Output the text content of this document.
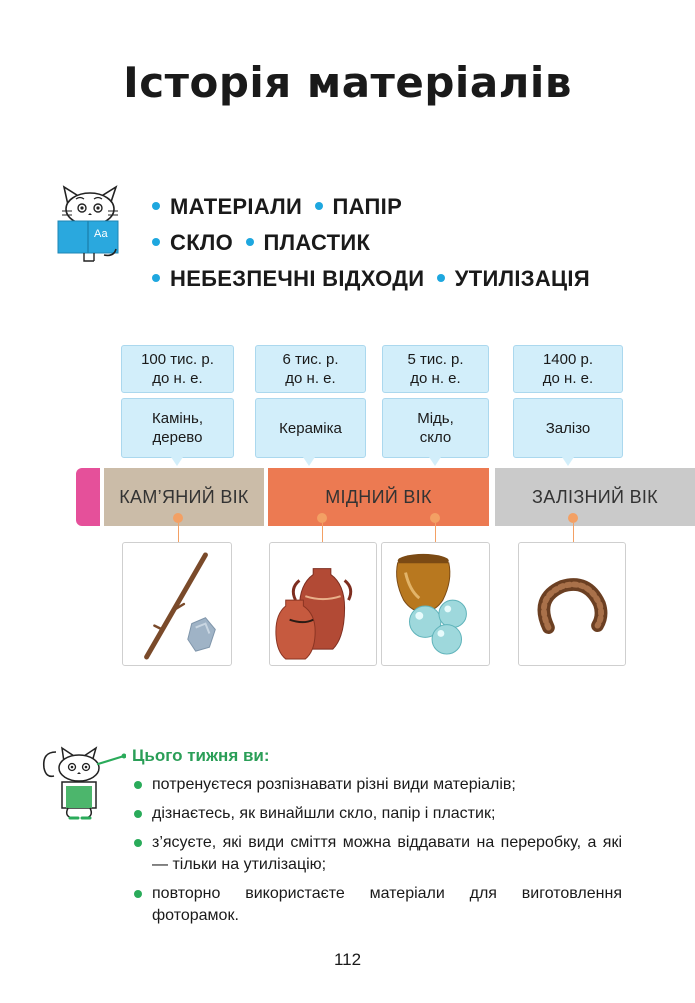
Історія матеріалів
Аа
МАТЕРІАЛИ ПАПІР
СКЛО ПЛАСТИК
НЕБЕЗПЕЧНІ ВІДХОДИ УТИЛІЗАЦІЯ
100 тис. р.
до н. е.
6 тис. р.
до н. е.
5 тис. р.
до н. е.
1400 р.
до н. е.
Камінь,
дерево
Кераміка
Мідь,
скло
Залізо
КАМ’ЯНИЙ ВІК	МІДНИЙ ВІК	ЗАЛІЗНИЙ ВІК
Цього тижня ви:
потренуєтеся розпізнавати різні види матеріалів;
дізнаєтесь, як винайшли скло, папір і пластик;
з’ясуєте, які види сміття можна віддавати на переробку, а які — тільки на утилізацію;
повторно використаєте матеріали для виготовлення фоторамок.
112
